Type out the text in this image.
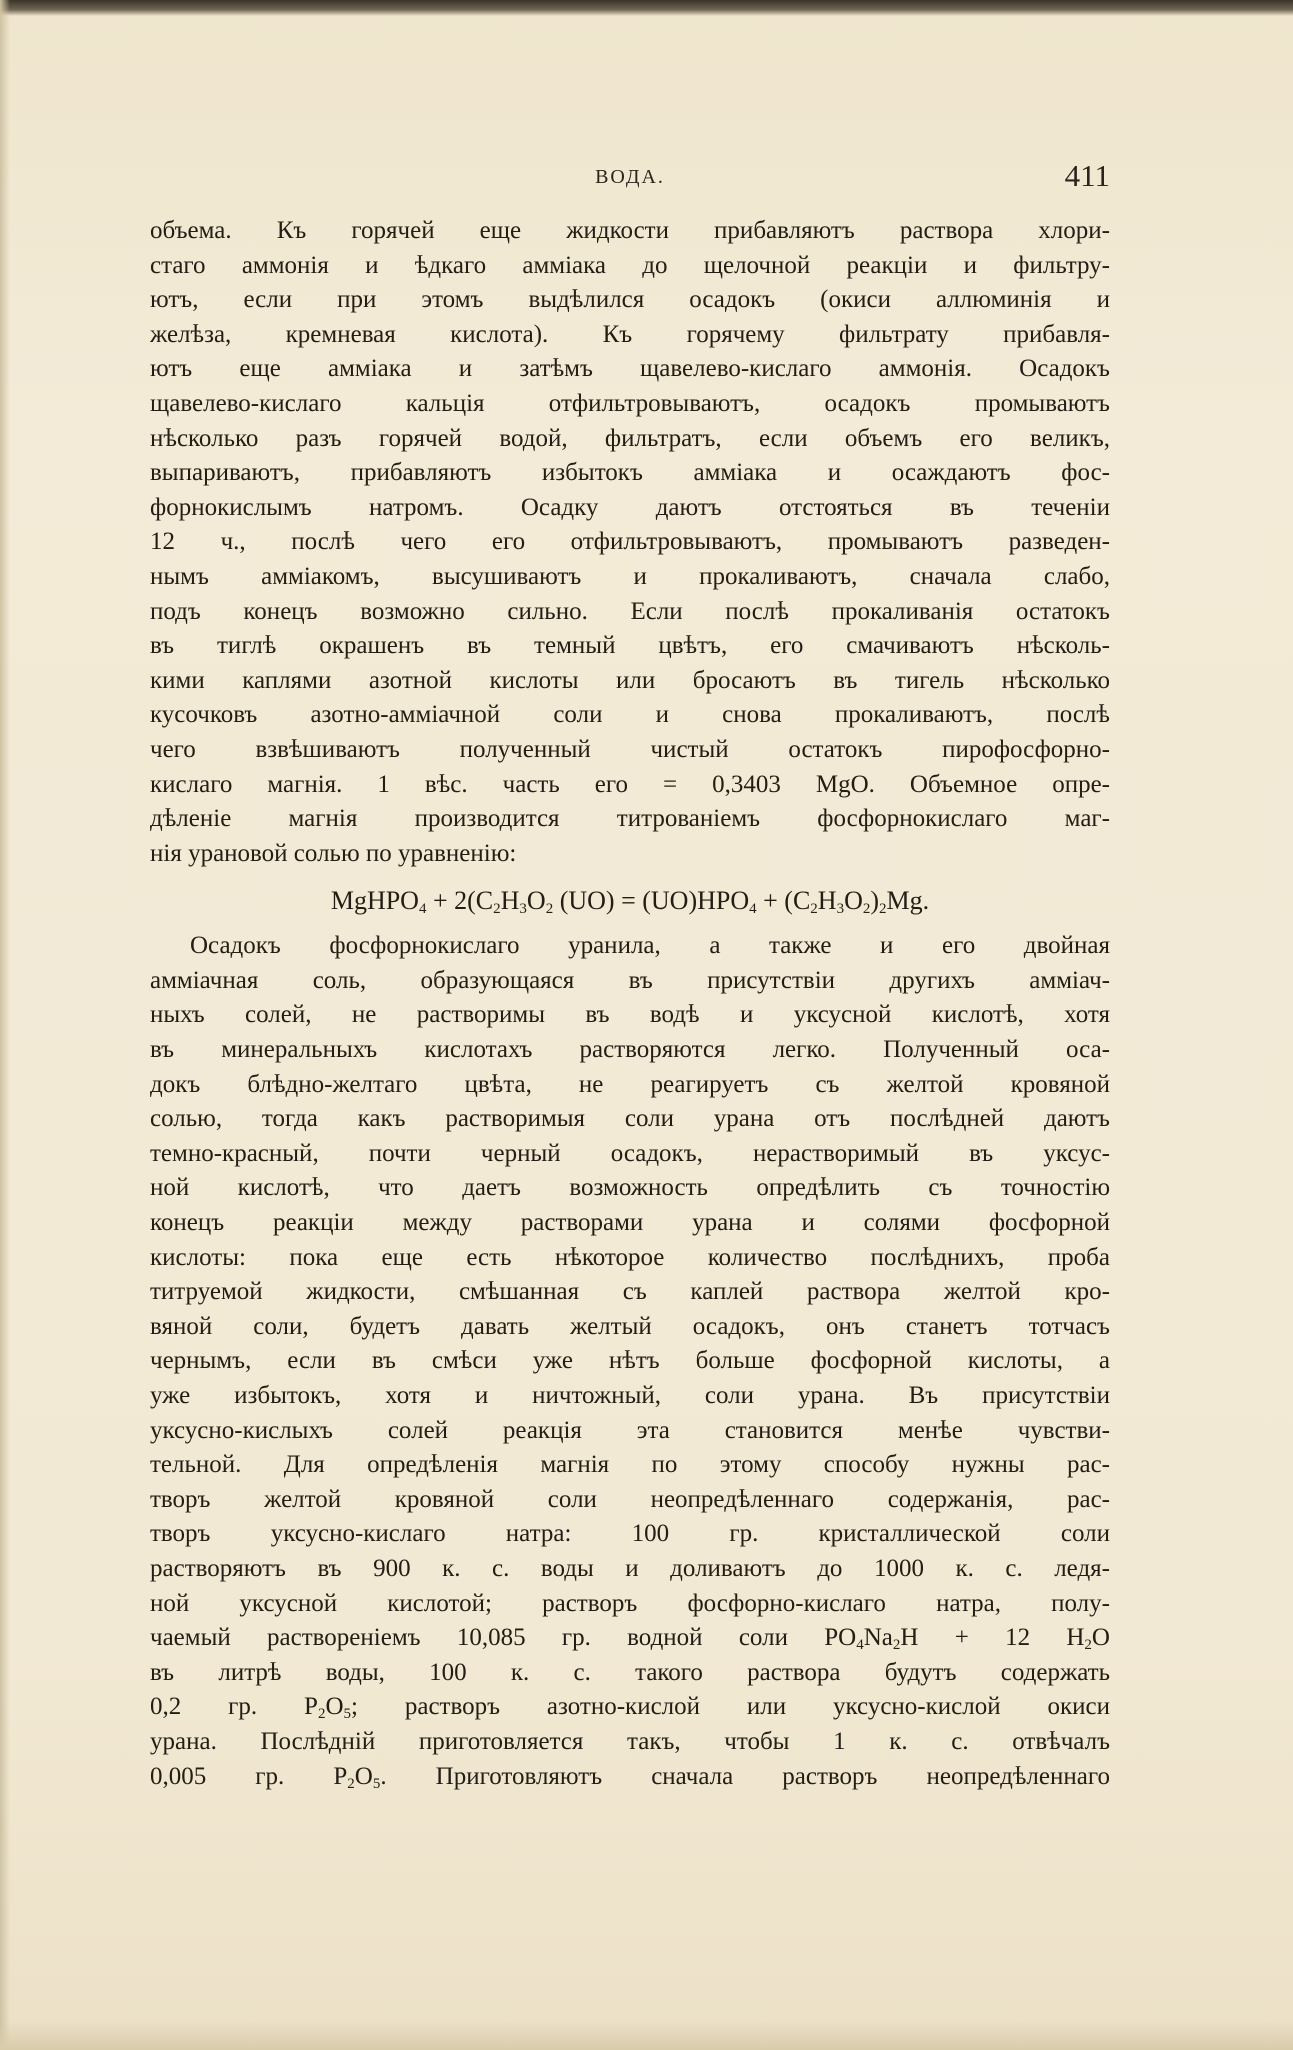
ВОДА.	411
объема. Къ горячей еще жидкости прибавляютъ раствора хлори-
стаго аммонія и ѣдкаго амміака до щелочной реакціи и фильтру-
ютъ, если при этомъ выдѣлился осадокъ (окиси аллюминія и
желѣза, кремневая кислота). Къ горячему фильтрату прибавля-
ютъ еще амміака и затѣмъ щавелево-кислаго аммонія. Осадокъ
щавелево-кислаго кальція отфильтровываютъ, осадокъ промываютъ
нѣсколько разъ горячей водой, фильтратъ, если объемъ его великъ,
выпариваютъ, прибавляютъ избытокъ амміака и осаждаютъ фос-
форнокислымъ натромъ. Осадку даютъ отстояться въ теченіи
12 ч., послѣ чего его отфильтровываютъ, промываютъ разведен-
нымъ амміакомъ, высушиваютъ и прокаливаютъ, сначала слабо,
подъ конецъ возможно сильно. Если послѣ прокаливанія остатокъ
въ тиглѣ окрашенъ въ темный цвѣтъ, его смачиваютъ нѣсколь-
кими каплями азотной кислоты или бросаютъ въ тигель нѣсколько
кусочковъ азотно-амміачной соли и снова прокаливаютъ, послѣ
чего взвѣшиваютъ полученный чистый остатокъ пирофосфорно-
кислаго магнія. 1 вѣс. часть его = 0,3403 MgO. Объемное опре-
дѣленіе магнія производится титрованіемъ фосфорнокислаго маг-
нія урановой солью по уравненію:
MgHPO$_4$ + $2(C_2H_3O_2$ $(UO) = (UO)HPO_4 + (C_2H_3O_2)_2Mg$.
Осадокъ фосфорнокислаго уранила, а также и его двойная
амміачная соль, образующаяся въ присутствіи другихъ амміач-
ныхъ солей, не растворимы въ водѣ и уксусной кислотѣ, хотя
въ минеральныхъ кислотахъ растворяются легко. Полученный оса-
докъ блѣдно-желтаго цвѣта, не реагируетъ съ желтой кровяной
солью, тогда какъ растворимыя соли урана отъ послѣдней даютъ
темно-красный, почти черный осадокъ, нерастворимый въ уксус-
ной кислотѣ, что даетъ возможность опредѣлить съ точностію
конецъ реакціи между растворами урана и солями фосфорной
кислоты: пока еще есть нѣкоторое количество послѣднихъ, проба
титруемой жидкости, смѣшанная съ каплей раствора желтой кро-
вяной соли, будетъ давать желтый осадокъ, онъ станетъ тотчасъ
чернымъ, если въ смѣси уже нѣтъ больше фосфорной кислоты, а
уже избытокъ, хотя и ничтожный, соли урана. Въ присутствіи
уксусно-кислыхъ солей реакція эта становится менѣе чувстви-
тельной. Для опредѣленія магнія по этому способу нужны рас-
творъ желтой кровяной соли неопредѣленнаго содержанія, рас-
творъ уксусно-кислаго натра: 100 гр. кристаллической соли
растворяютъ въ 900 к. с. воды и доливаютъ до 1000 к. с. ледя-
ной уксусной кислотой; растворъ фосфорно-кислаго натра, полу-
чаемый раствореніемъ 10,085 гр. водной соли $PO_4Na_2H + 12$ $H_2O$
въ литрѣ воды, 100 к. с. такого раствора будутъ содержать
0,2 гр. $P_2O_5$; растворъ азотно-кислой или уксусно-кислой окиси
урана. Послѣдній приготовляется такъ, чтобы 1 к. с. отвѣчалъ
0,005 гр. $P_2O_5$. Приготовляютъ сначала растворъ неопредѣленнаго
